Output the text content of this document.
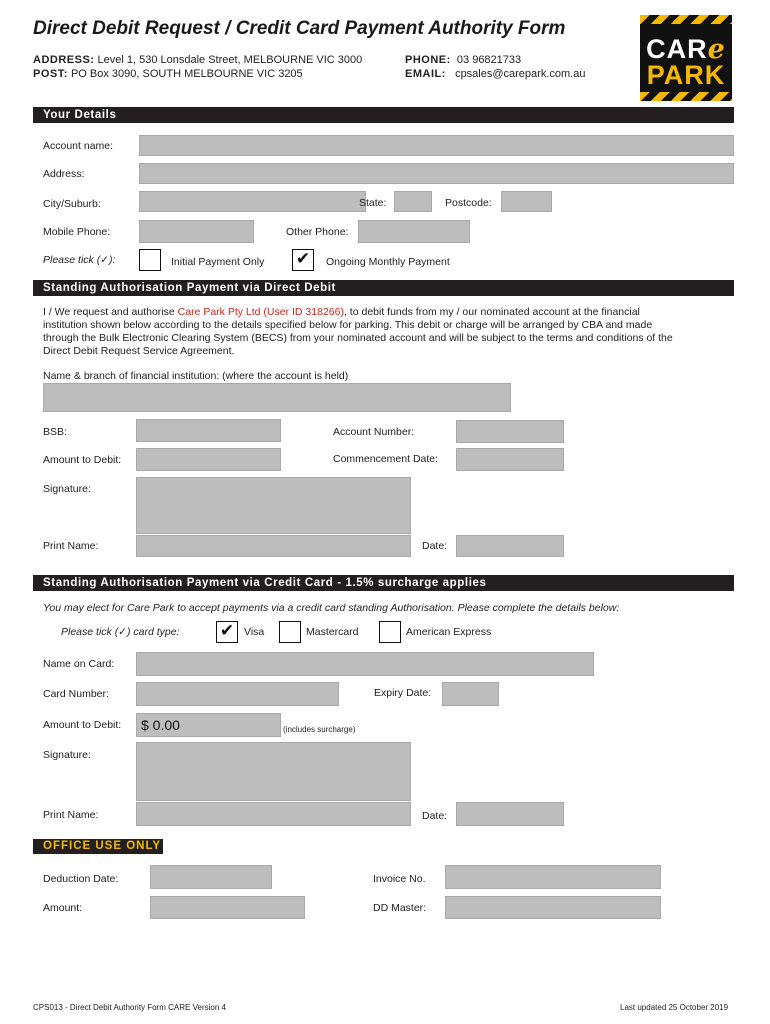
Direct Debit Request / Credit Card Payment Authority Form
ADDRESS: Level 1, 530 Lonsdale Street, MELBOURNE VIC 3000
POST: PO Box 3090, SOUTH MELBOURNE VIC 3205
PHONE: 03 96821733
EMAIL: cpsales@carepark.com.au
CARe
PARK
Your Details
Account name:
Address:
City/Suburb:	State:	Postcode:
Mobile Phone:	Other Phone:
Please tick (✓):	Initial Payment Only ✔	Ongoing Monthly Payment
Standing Authorisation Payment via Direct Debit
I / We request and authorise Care Park Pty Ltd (User ID 318266), to debit funds from my / our nominated account at the financial institution shown below according to the details specified below for parking. This debit or charge will be arranged by CBA and made through the Bulk Electronic Clearing System (BECS) from your nominated account and will be subject to the terms and conditions of the Direct Debit Request Service Agreement.
Name & branch of financial institution: (where the account is held)
BSB:	Account Number:
Amount to Debit:	Commencement Date:
Signature:
Print Name:	Date:
Standing Authorisation Payment via Credit Card - 1.5% surcharge applies
You may elect for Care Park to accept payments via a credit card standing Authorisation. Please complete the details below:
Please tick (✓) card type: ✔ Visa	Mastercard	American Express
Name on Card:
Card Number:	Expiry Date:
Amount to Debit:	$ 0.00	(includes surcharge)
Signature:
Print Name:	Date:
OFFICE USE ONLY
Deduction Date:	Invoice No.
Amount:	DD Master:
CPS013 - Direct Debit Authority Form CARE Version 4	Last updated 25 October 2019
